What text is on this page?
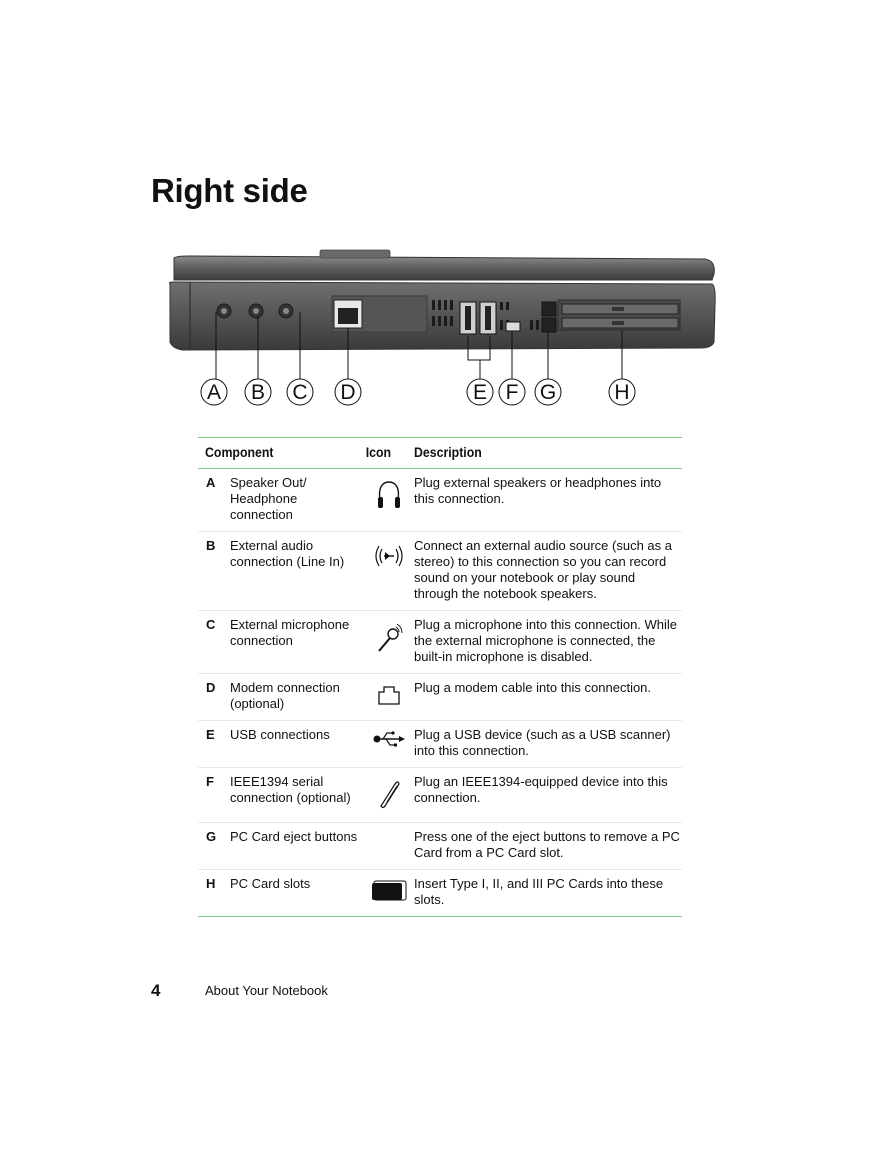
Right side
A B C D	E F G	H
Component		Icon	Description
A	Speaker Out/ Headphone connection		Plug external speakers or headphones into this connection.
B	External audio connection (Line In)		Connect an external audio source (such as a stereo) to this connection so you can record sound on your notebook or play sound through the notebook speakers.
C	External microphone connection		Plug a microphone into this connection. While the external microphone is connected, the built-in microphone is disabled.
D	Modem connection (optional)		Plug a modem cable into this connection.
E	USB connections		Plug a USB device (such as a USB scanner) into this connection.
F	IEEE1394 serial connection (optional)		Plug an IEEE1394-equipped device into this connection.
G	PC Card eject buttons		Press one of the eject buttons to remove a PC Card from a PC Card slot.
H	PC Card slots		Insert Type I, II, and III PC Cards into these slots.
4	About Your Notebook
